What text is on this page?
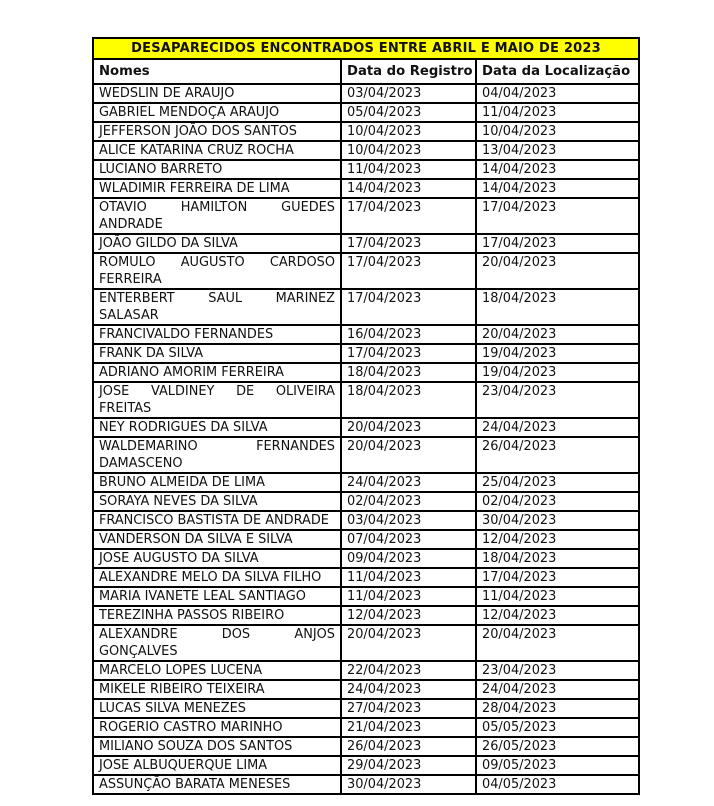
DESAPARECIDOS ENCONTRADOS ENTRE ABRIL E MAIO DE 2023		
Nomes	Data do Registro	Data da Localização
WEDSLIN DE ARAUJO	03/04/2023	04/04/2023
GABRIEL MENDOÇA ARAUJO	05/04/2023	11/04/2023
JEFFERSON JOÃO DOS SANTOS	10/04/2023	10/04/2023
ALICE KATARINA CRUZ ROCHA	10/04/2023	13/04/2023
LUCIANO BARRETO	11/04/2023	14/04/2023
WLADIMIR FERREIRA DE LIMA	14/04/2023	14/04/2023
OTAVIO HAMILTON GUEDES ANDRADE	17/04/2023	17/04/2023
JOÃO GILDO DA SILVA	17/04/2023	17/04/2023
ROMULO AUGUSTO CARDOSO FERREIRA	17/04/2023	20/04/2023
ENTERBERT SAUL MARINEZ SALASAR	17/04/2023	18/04/2023
FRANCIVALDO FERNANDES	16/04/2023	20/04/2023
FRANK DA SILVA	17/04/2023	19/04/2023
ADRIANO AMORIM FERREIRA	18/04/2023	19/04/2023
JOSE VALDINEY DE OLIVEIRA FREITAS	18/04/2023	23/04/2023
NEY RODRIGUES DA SILVA	20/04/2023	24/04/2023
WALDEMARINO FERNANDES DAMASCENO	20/04/2023	26/04/2023
BRUNO ALMEIDA DE LIMA	24/04/2023	25/04/2023
SORAYA NEVES DA SILVA	02/04/2023	02/04/2023
FRANCISCO BASTISTA DE ANDRADE	03/04/2023	30/04/2023
VANDERSON DA SILVA E SILVA	07/04/2023	12/04/2023
JOSE AUGUSTO DA SILVA	09/04/2023	18/04/2023
ALEXANDRE MELO DA SILVA FILHO	11/04/2023	17/04/2023
MARIA IVANETE LEAL SANTIAGO	11/04/2023	11/04/2023
TEREZINHA PASSOS RIBEIRO	12/04/2023	12/04/2023
ALEXANDRE DOS ANJOS GONÇALVES	20/04/2023	20/04/2023
MARCELO LOPES LUCENA	22/04/2023	23/04/2023
MIKELE RIBEIRO TEIXEIRA	24/04/2023	24/04/2023
LUCAS SILVA MENEZES	27/04/2023	28/04/2023
ROGERIO CASTRO MARINHO	21/04/2023	05/05/2023
MILIANO SOUZA DOS SANTOS	26/04/2023	26/05/2023
JOSE ALBUQUERQUE LIMA	29/04/2023	09/05/2023
ASSUNÇÃO BARATA MENESES	30/04/2023	04/05/2023
